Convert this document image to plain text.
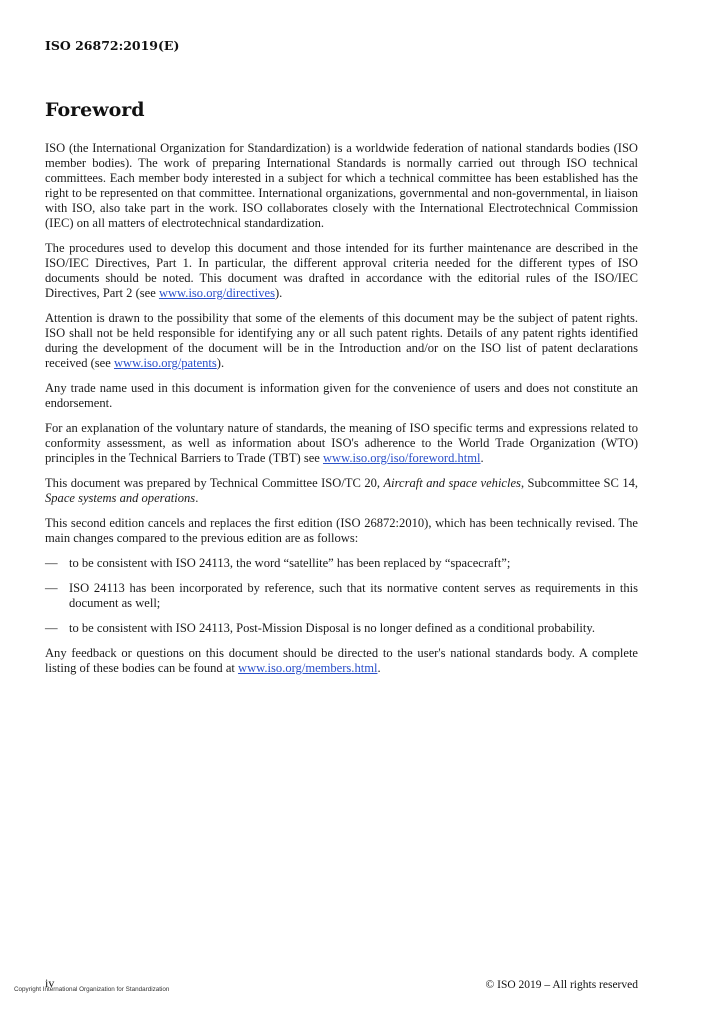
ISO 26872:2019(E)
Foreword

ISO (the International Organization for Standardization) is a worldwide federation of national standards bodies (ISO member bodies). The work of preparing International Standards is normally carried out through ISO technical committees. Each member body interested in a subject for which a technical committee has been established has the right to be represented on that committee. International organizations, governmental and non-governmental, in liaison with ISO, also take part in the work. ISO collaborates closely with the International Electrotechnical Commission (IEC) on all matters of electrotechnical standardization.

The procedures used to develop this document and those intended for its further maintenance are described in the ISO/IEC Directives, Part 1. In particular, the different approval criteria needed for the different types of ISO documents should be noted. This document was drafted in accordance with the editorial rules of the ISO/IEC Directives, Part 2 (see www.iso.org/directives).

Attention is drawn to the possibility that some of the elements of this document may be the subject of patent rights. ISO shall not be held responsible for identifying any or all such patent rights. Details of any patent rights identified during the development of the document will be in the Introduction and/or on the ISO list of patent declarations received (see www.iso.org/patents).

Any trade name used in this document is information given for the convenience of users and does not constitute an endorsement.

For an explanation of the voluntary nature of standards, the meaning of ISO specific terms and expressions related to conformity assessment, as well as information about ISO's adherence to the World Trade Organization (WTO) principles in the Technical Barriers to Trade (TBT) see www.iso.org/iso/foreword.html.

This document was prepared by Technical Committee ISO/TC 20, Aircraft and space vehicles, Subcommittee SC 14, Space systems and operations.

This second edition cancels and replaces the first edition (ISO 26872:2010), which has been technically revised. The main changes compared to the previous edition are as follows:

— to be consistent with ISO 24113, the word “satellite” has been replaced by “spacecraft”;
— ISO 24113 has been incorporated by reference, such that its normative content serves as requirements in this document as well;
— to be consistent with ISO 24113, Post-Mission Disposal is no longer defined as a conditional probability.

Any feedback or questions on this document should be directed to the user's national standards body. A complete listing of these bodies can be found at www.iso.org/members.html.

iv
Copyright International Organization for Standardization	© ISO 2019 – All rights reserved
